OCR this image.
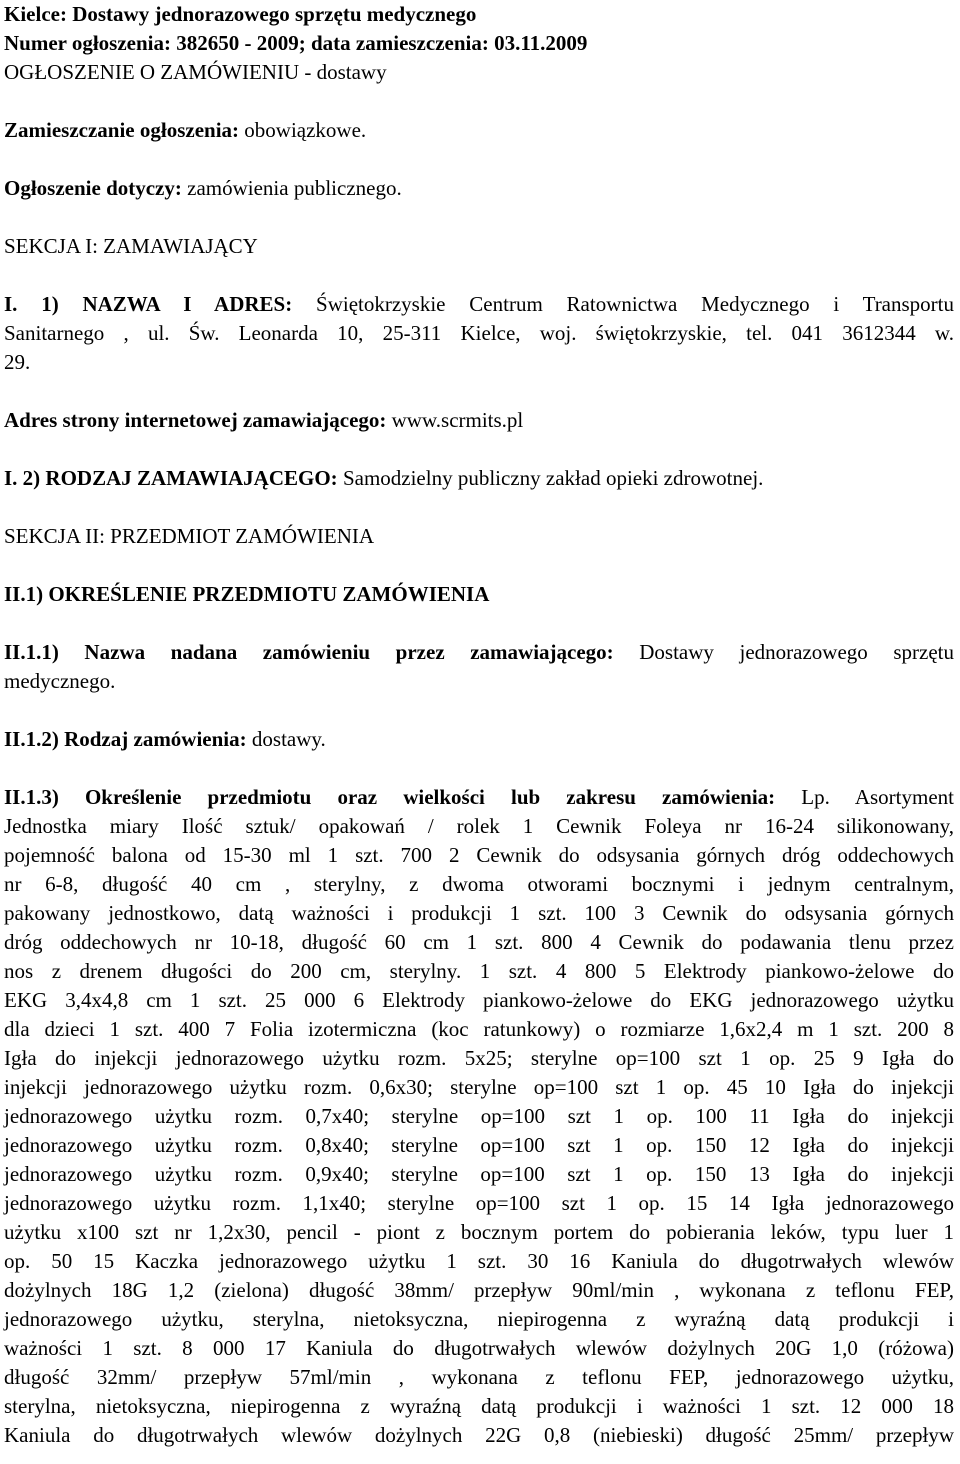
Kielce: Dostawy jednorazowego sprzętu medycznego

Numer ogłoszenia: 382650 - 2009; data zamieszczenia: 03.11.2009

OGŁOSZENIE O ZAMÓWIENIU - dostawy

Zamieszczanie ogłoszenia: obowiązkowe.

Ogłoszenie dotyczy: zamówienia publicznego.

SEKCJA I: ZAMAWIAJĄCY

I. 1) NAZWA I ADRES: Świętokrzyskie Centrum Ratownictwa Medycznego i Transportu

Sanitarnego , ul. Św. Leonarda 10, 25-311 Kielce, woj. świętokrzyskie, tel. 041 3612344 w.

29.

Adres strony internetowej zamawiającego: www.scrmits.pl

I. 2) RODZAJ ZAMAWIAJĄCEGO: Samodzielny publiczny zakład opieki zdrowotnej.

SEKCJA II: PRZEDMIOT ZAMÓWIENIA

II.1) OKREŚLENIE PRZEDMIOTU ZAMÓWIENIA

II.1.1) Nazwa nadana zamówieniu przez zamawiającego: Dostawy jednorazowego sprzętu

medycznego.

II.1.2) Rodzaj zamówienia: dostawy.

II.1.3) Określenie przedmiotu oraz wielkości lub zakresu zamówienia: Lp. Asortyment

Jednostka miary Ilość sztuk/ opakowań / rolek 1 Cewnik Foleya nr 16-24 silikonowany,

pojemność balona od 15-30 ml 1 szt. 700 2 Cewnik do odsysania górnych dróg oddechowych

nr 6-8, długość 40 cm , sterylny, z dwoma otworami bocznymi i jednym centralnym,

pakowany jednostkowo, datą ważności i produkcji 1 szt. 100 3 Cewnik do odsysania górnych

dróg oddechowych nr 10-18, długość 60 cm 1 szt. 800 4 Cewnik do podawania tlenu przez

nos z drenem długości do 200 cm, sterylny. 1 szt. 4 800 5 Elektrody piankowo-żelowe do

EKG 3,4x4,8 cm 1 szt. 25 000 6 Elektrody piankowo-żelowe do EKG jednorazowego użytku

dla dzieci 1 szt. 400 7 Folia izotermiczna (koc ratunkowy) o rozmiarze 1,6x2,4 m 1 szt. 200 8

Igła do injekcji jednorazowego użytku rozm. 5x25; sterylne op=100 szt 1 op. 25 9 Igła do

injekcji jednorazowego użytku rozm. 0,6x30; sterylne op=100 szt 1 op. 45 10 Igła do injekcji

jednorazowego użytku rozm. 0,7x40; sterylne op=100 szt 1 op. 100 11 Igła do injekcji

jednorazowego użytku rozm. 0,8x40; sterylne op=100 szt 1 op. 150 12 Igła do injekcji

jednorazowego użytku rozm. 0,9x40; sterylne op=100 szt 1 op. 150 13 Igła do injekcji

jednorazowego użytku rozm. 1,1x40; sterylne op=100 szt 1 op. 15 14 Igła jednorazowego

użytku x100 szt nr 1,2x30, pencil - piont z bocznym portem do pobierania leków, typu luer 1

op. 50 15 Kaczka jednorazowego użytku 1 szt. 30 16 Kaniula do długotrwałych wlewów

dożylnych 18G 1,2 (zielona) długość 38mm/ przepływ 90ml/min , wykonana z teflonu FEP,

jednorazowego użytku, sterylna, nietoksyczna, niepirogenna z wyraźną datą produkcji i

ważności 1 szt. 8 000 17 Kaniula do długotrwałych wlewów dożylnych 20G 1,0 (różowa)

długość 32mm/ przepływ 57ml/min , wykonana z teflonu FEP, jednorazowego użytku,

sterylna, nietoksyczna, niepirogenna z wyraźną datą produkcji i ważności 1 szt. 12 000 18

Kaniula do długotrwałych wlewów dożylnych 22G 0,8 (niebieski) długość 25mm/ przepływ
